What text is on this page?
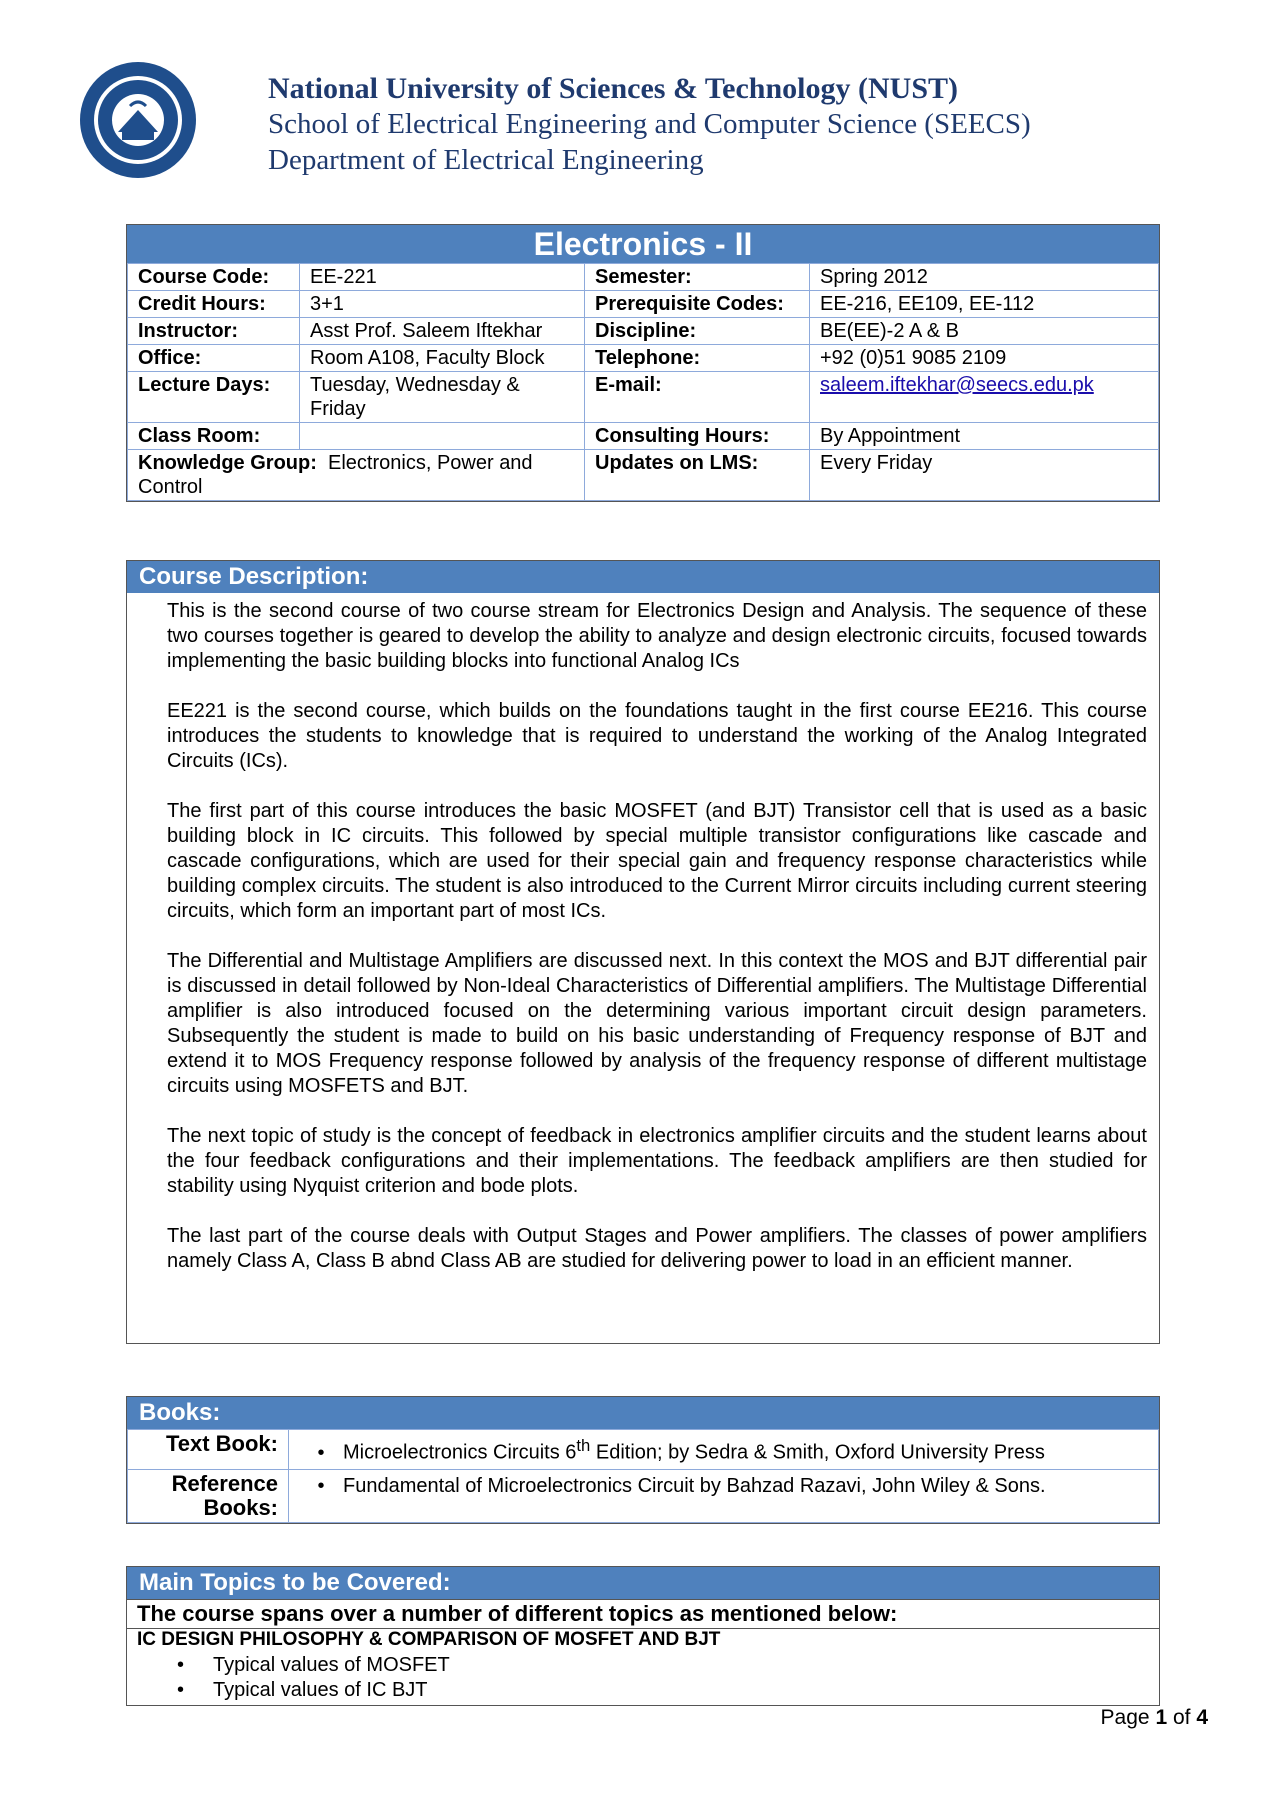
National University of Sciences & Technology (NUST)
School of Electrical Engineering and Computer Science (SEECS)
Department of Electrical Engineering
Electronics - II
Course Code:	EE-221	Semester:	Spring 2012
Credit Hours:	3+1	Prerequisite Codes:	EE-216, EE109, EE-112
Instructor:	Asst Prof. Saleem Iftekhar	Discipline:	BE(EE)-2 A & B
Office:	Room A108, Faculty Block	Telephone:	+92 (0)51 9085 2109
Lecture Days:	Tuesday, Wednesday & Friday	E-mail:	saleem.iftekhar@seecs.edu.pk
Class Room:		Consulting Hours:	By Appointment
Knowledge Group: Electronics, Power and Control		Updates on LMS:	Every Friday
Course Description:

This is the second course of two course stream for Electronics Design and Analysis. The sequence of these two courses together is geared to develop the ability to analyze and design electronic circuits, focused towards implementing the basic building blocks into functional Analog ICs

EE221 is the second course, which builds on the foundations taught in the first course EE216. This course introduces the students to knowledge that is required to understand the working of the Analog Integrated Circuits (ICs).

The first part of this course introduces the basic MOSFET (and BJT) Transistor cell that is used as a basic building block in IC circuits. This followed by special multiple transistor configurations like cascade and cascade configurations, which are used for their special gain and frequency response characteristics while building complex circuits. The student is also introduced to the Current Mirror circuits including current steering circuits, which form an important part of most ICs.

The Differential and Multistage Amplifiers are discussed next. In this context the MOS and BJT differential pair is discussed in detail followed by Non-Ideal Characteristics of Differential amplifiers. The Multistage Differential amplifier is also introduced focused on the determining various important circuit design parameters. Subsequently the student is made to build on his basic understanding of Frequency response of BJT and extend it to MOS Frequency response followed by analysis of the frequency response of different multistage circuits using MOSFETS and BJT.

The next topic of study is the concept of feedback in electronics amplifier circuits and the student learns about the four feedback configurations and their implementations. The feedback amplifiers are then studied for stability using Nyquist criterion and bode plots.

The last part of the course deals with Output Stages and Power amplifiers. The classes of power amplifiers namely Class A, Class B abnd Class AB are studied for delivering power to load in an efficient manner.

Books:
Text Book:	• Microelectronics Circuits 6th Edition; by Sedra & Smith, Oxford University Press
Reference Books:	• Fundamental of Microelectronics Circuit by Bahzad Razavi, John Wiley & Sons.
Main Topics to be Covered:
The course spans over a number of different topics as mentioned below:
IC DESIGN PHILOSOPHY & COMPARISON OF MOSFET AND BJT
• Typical values of MOSFET
• Typical values of IC BJT
Page 1 of 4
